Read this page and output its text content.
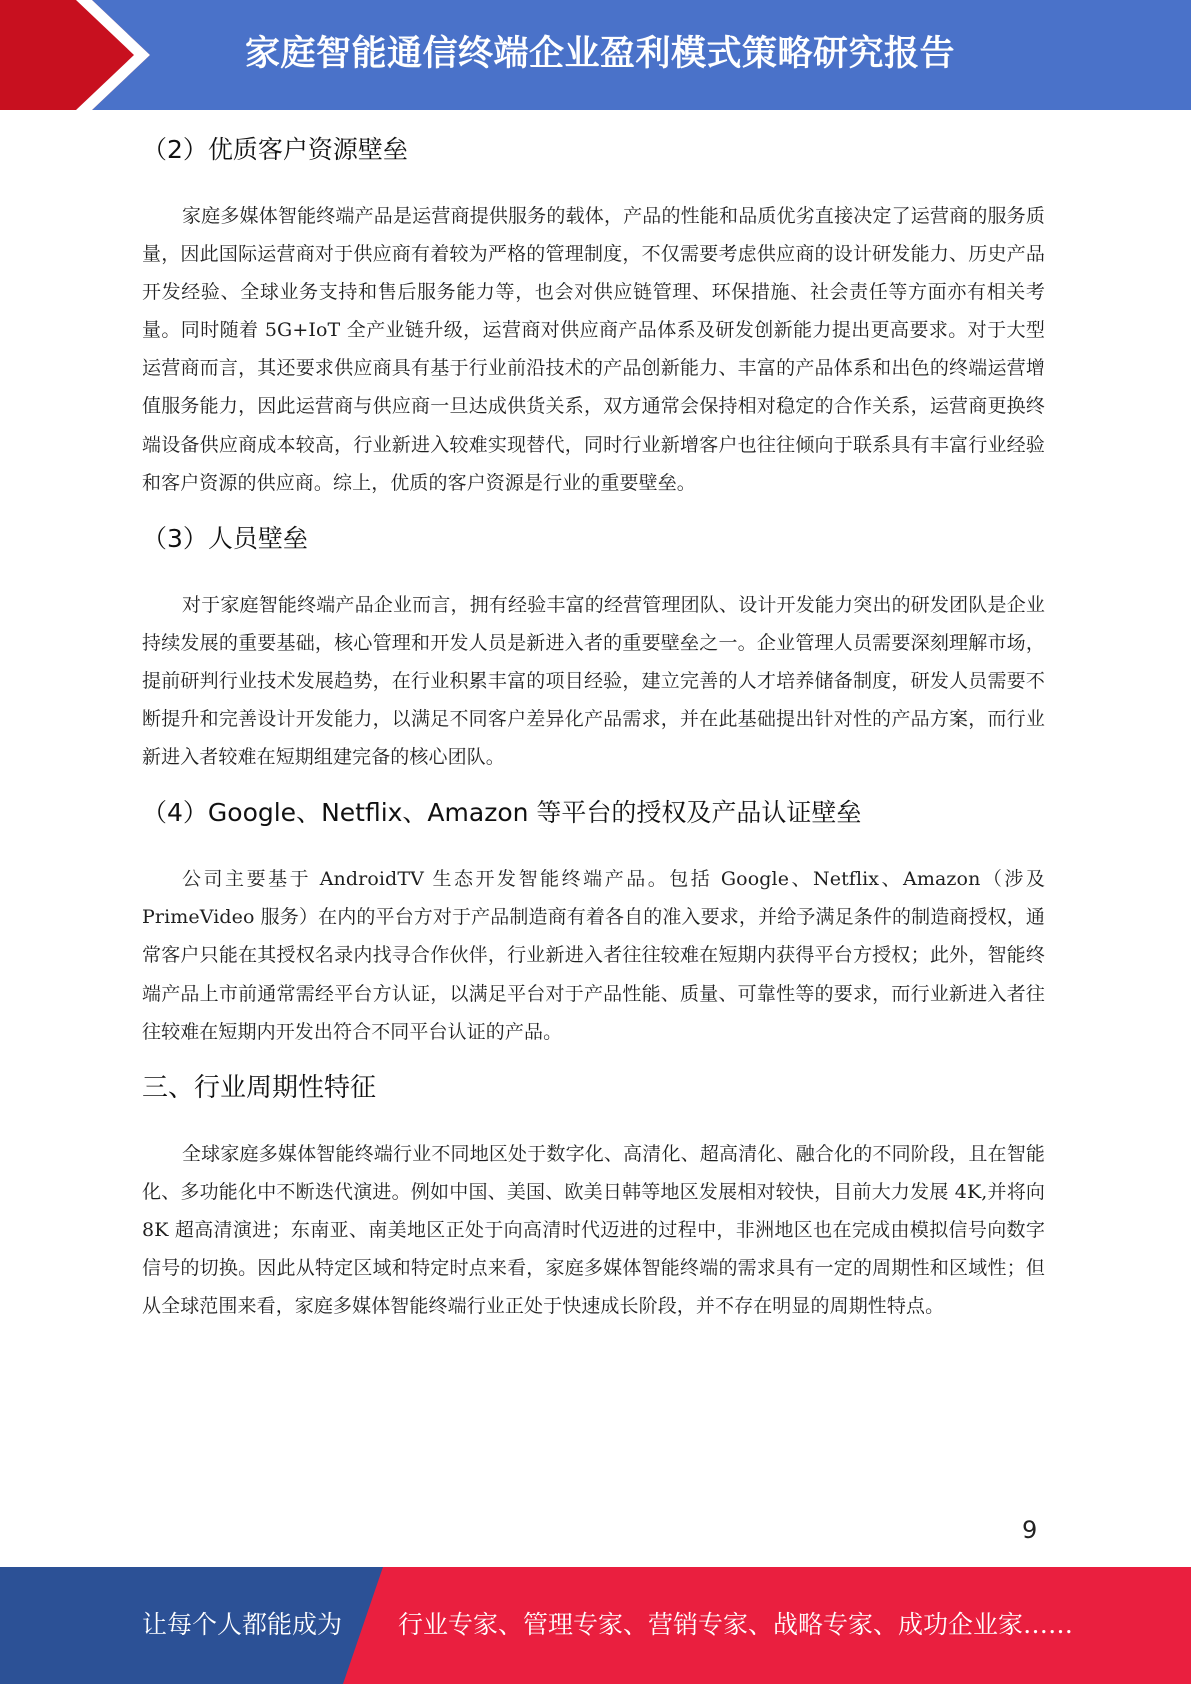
家庭智能通信终端企业盈利模式策略研究报告
（2）优质客户资源壁垒

家庭多媒体智能终端产品是运营商提供服务的载体，产品的性能和品质优劣直接决定了运营商的服务质量，因此国际运营商对于供应商有着较为严格的管理制度，不仅需要考虑供应商的设计研发能力、历史产品开发经验、全球业务支持和售后服务能力等，也会对供应链管理、环保措施、社会责任等方面亦有相关考量。同时随着 5G+IoT 全产业链升级，运营商对供应商产品体系及研发创新能力提出更高要求。对于大型运营商而言，其还要求供应商具有基于行业前沿技术的产品创新能力、丰富的产品体系和出色的终端运营增值服务能力，因此运营商与供应商一旦达成供货关系，双方通常会保持相对稳定的合作关系，运营商更换终端设备供应商成本较高，行业新进入较难实现替代，同时行业新增客户也往往倾向于联系具有丰富行业经验和客户资源的供应商。综上，优质的客户资源是行业的重要壁垒。

（3）人员壁垒

对于家庭智能终端产品企业而言，拥有经验丰富的经营管理团队、设计开发能力突出的研发团队是企业持续发展的重要基础，核心管理和开发人员是新进入者的重要壁垒之一。企业管理人员需要深刻理解市场，提前研判行业技术发展趋势，在行业积累丰富的项目经验，建立完善的人才培养储备制度，研发人员需要不断提升和完善设计开发能力，以满足不同客户差异化产品需求，并在此基础提出针对性的产品方案，而行业新进入者较难在短期组建完备的核心团队。

（4）Google、Netflix、Amazon 等平台的授权及产品认证壁垒

公司主要基于 AndroidTV 生态开发智能终端产品。包括 Google、Netflix、Amazon（涉及 PrimeVideo 服务）在内的平台方对于产品制造商有着各自的准入要求，并给予满足条件的制造商授权，通常客户只能在其授权名录内找寻合作伙伴，行业新进入者往往较难在短期内获得平台方授权；此外，智能终端产品上市前通常需经平台方认证，以满足平台对于产品性能、质量、可靠性等的要求，而行业新进入者往往较难在短期内开发出符合不同平台认证的产品。

三、行业周期性特征

全球家庭多媒体智能终端行业不同地区处于数字化、高清化、超高清化、融合化的不同阶段，且在智能化、多功能化中不断迭代演进。例如中国、美国、欧美日韩等地区发展相对较快，目前大力发展 4K,并将向 8K 超高清演进；东南亚、南美地区正处于向高清时代迈进的过程中，非洲地区也在完成由模拟信号向数字信号的切换。因此从特定区域和特定时点来看，家庭多媒体智能终端的需求具有一定的周期性和区域性；但从全球范围来看，家庭多媒体智能终端行业正处于快速成长阶段，并不存在明显的周期性特点。

9
让每个人都能成为 行业专家、管理专家、营销专家、战略专家、成功企业家……
